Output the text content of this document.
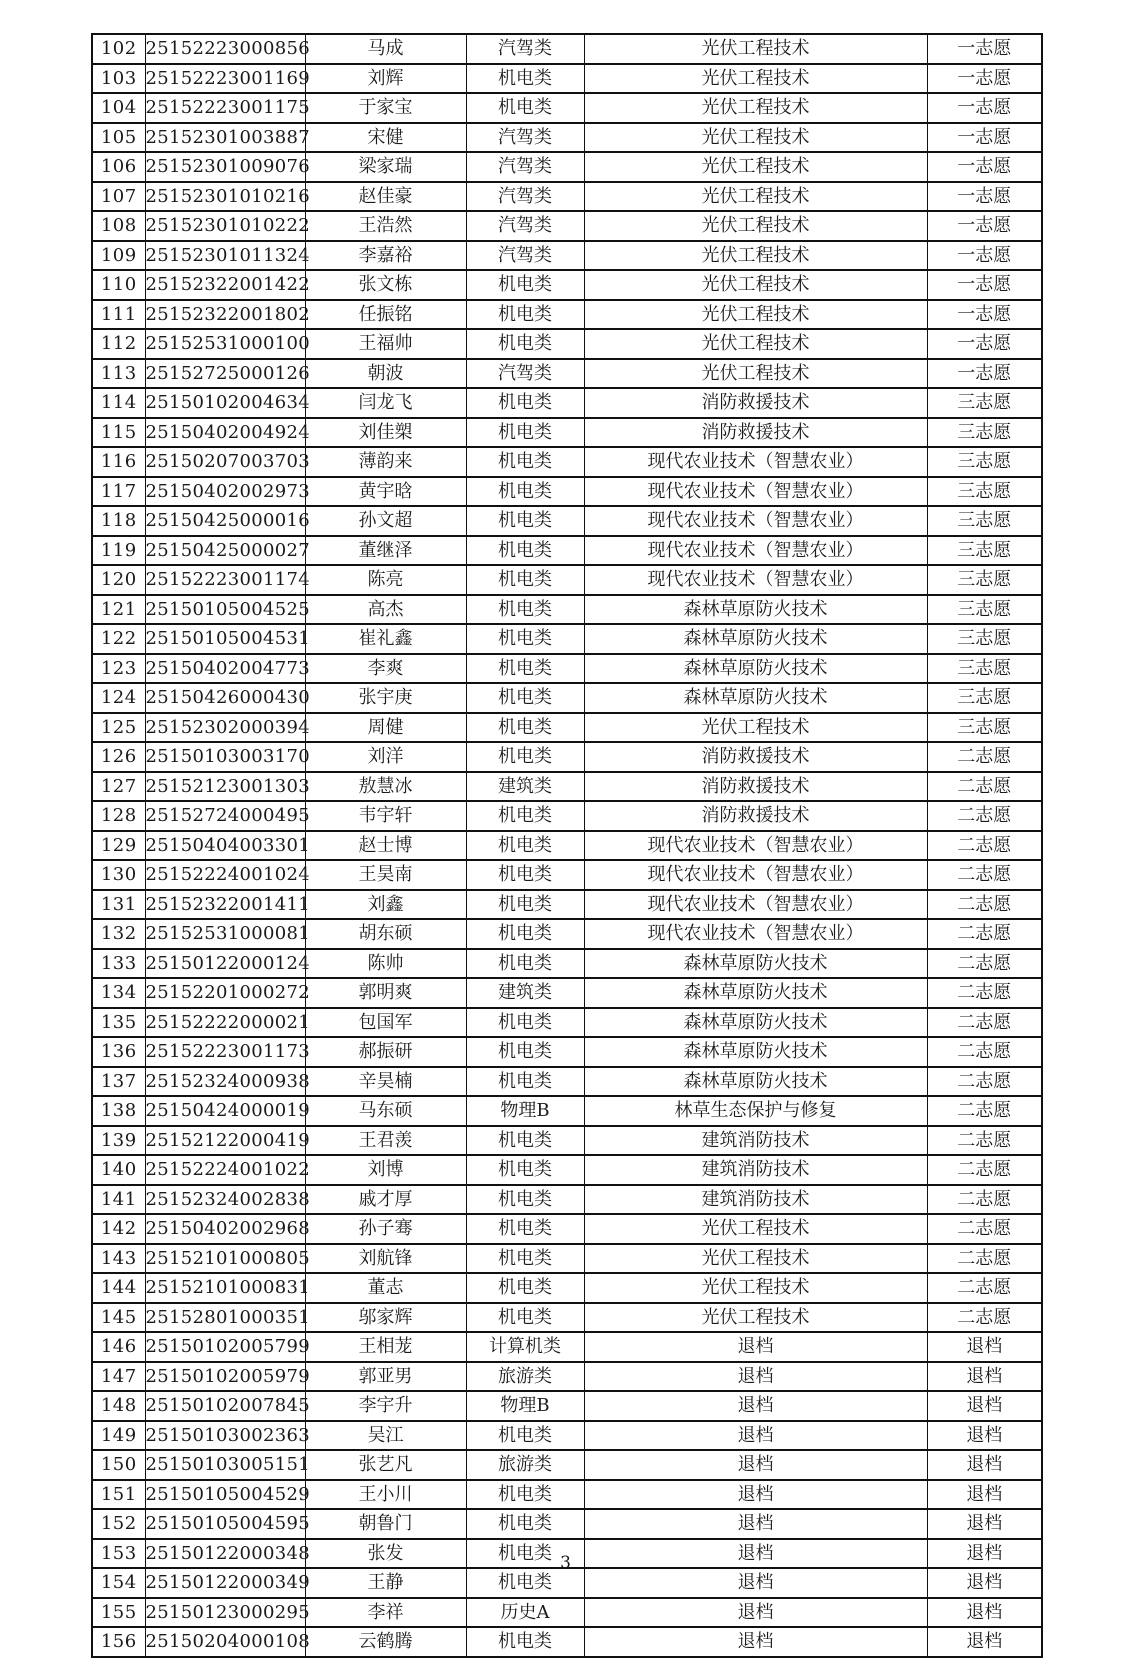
102	25152223000856	马成	汽驾类	光伏工程技术	一志愿
103	25152223001169	刘辉	机电类	光伏工程技术	一志愿
104	25152223001175	于家宝	机电类	光伏工程技术	一志愿
105	25152301003887	宋健	汽驾类	光伏工程技术	一志愿
106	25152301009076	梁家瑞	汽驾类	光伏工程技术	一志愿
107	25152301010216	赵佳豪	汽驾类	光伏工程技术	一志愿
108	25152301010222	王浩然	汽驾类	光伏工程技术	一志愿
109	25152301011324	李嘉裕	汽驾类	光伏工程技术	一志愿
110	25152322001422	张文栋	机电类	光伏工程技术	一志愿
111	25152322001802	任振铭	机电类	光伏工程技术	一志愿
112	25152531000100	王福帅	机电类	光伏工程技术	一志愿
113	25152725000126	朝波	汽驾类	光伏工程技术	一志愿
114	25150102004634	闫龙飞	机电类	消防救援技术	三志愿
115	25150402004924	刘佳槊	机电类	消防救援技术	三志愿
116	25150207003703	薄韵来	机电类	现代农业技术（智慧农业）	三志愿
117	25150402002973	黄宇晗	机电类	现代农业技术（智慧农业）	三志愿
118	25150425000016	孙文超	机电类	现代农业技术（智慧农业）	三志愿
119	25150425000027	董继泽	机电类	现代农业技术（智慧农业）	三志愿
120	25152223001174	陈亮	机电类	现代农业技术（智慧农业）	三志愿
121	25150105004525	高杰	机电类	森林草原防火技术	三志愿
122	25150105004531	崔礼鑫	机电类	森林草原防火技术	三志愿
123	25150402004773	李爽	机电类	森林草原防火技术	三志愿
124	25150426000430	张宇庚	机电类	森林草原防火技术	三志愿
125	25152302000394	周健	机电类	光伏工程技术	三志愿
126	25150103003170	刘洋	机电类	消防救援技术	二志愿
127	25152123001303	敖慧冰	建筑类	消防救援技术	二志愿
128	25152724000495	韦宇轩	机电类	消防救援技术	二志愿
129	25150404003301	赵士博	机电类	现代农业技术（智慧农业）	二志愿
130	25152224001024	王昊南	机电类	现代农业技术（智慧农业）	二志愿
131	25152322001411	刘鑫	机电类	现代农业技术（智慧农业）	二志愿
132	25152531000081	胡东硕	机电类	现代农业技术（智慧农业）	二志愿
133	25150122000124	陈帅	机电类	森林草原防火技术	二志愿
134	25152201000272	郭明爽	建筑类	森林草原防火技术	二志愿
135	25152222000021	包国军	机电类	森林草原防火技术	二志愿
136	25152223001173	郝振研	机电类	森林草原防火技术	二志愿
137	25152324000938	辛昊楠	机电类	森林草原防火技术	二志愿
138	25150424000019	马东硕	物理B	林草生态保护与修复	二志愿
139	25152122000419	王君羡	机电类	建筑消防技术	二志愿
140	25152224001022	刘博	机电类	建筑消防技术	二志愿
141	25152324002838	戚才厚	机电类	建筑消防技术	二志愿
142	25150402002968	孙子骞	机电类	光伏工程技术	二志愿
143	25152101000805	刘航锋	机电类	光伏工程技术	二志愿
144	25152101000831	董志	机电类	光伏工程技术	二志愿
145	25152801000351	邬家辉	机电类	光伏工程技术	二志愿
146	25150102005799	王相茏	计算机类	退档	退档
147	25150102005979	郭亚男	旅游类	退档	退档
148	25150102007845	李宇升	物理B	退档	退档
149	25150103002363	吴江	机电类	退档	退档
150	25150103005151	张艺凡	旅游类	退档	退档
151	25150105004529	王小川	机电类	退档	退档
152	25150105004595	朝鲁门	机电类	退档	退档
153	25150122000348	张发	机电类	退档	退档
154	25150122000349	王静	机电类	退档	退档
155	25150123000295	李祥	历史A	退档	退档
156	25150204000108	云鹤腾	机电类	退档	退档
3
